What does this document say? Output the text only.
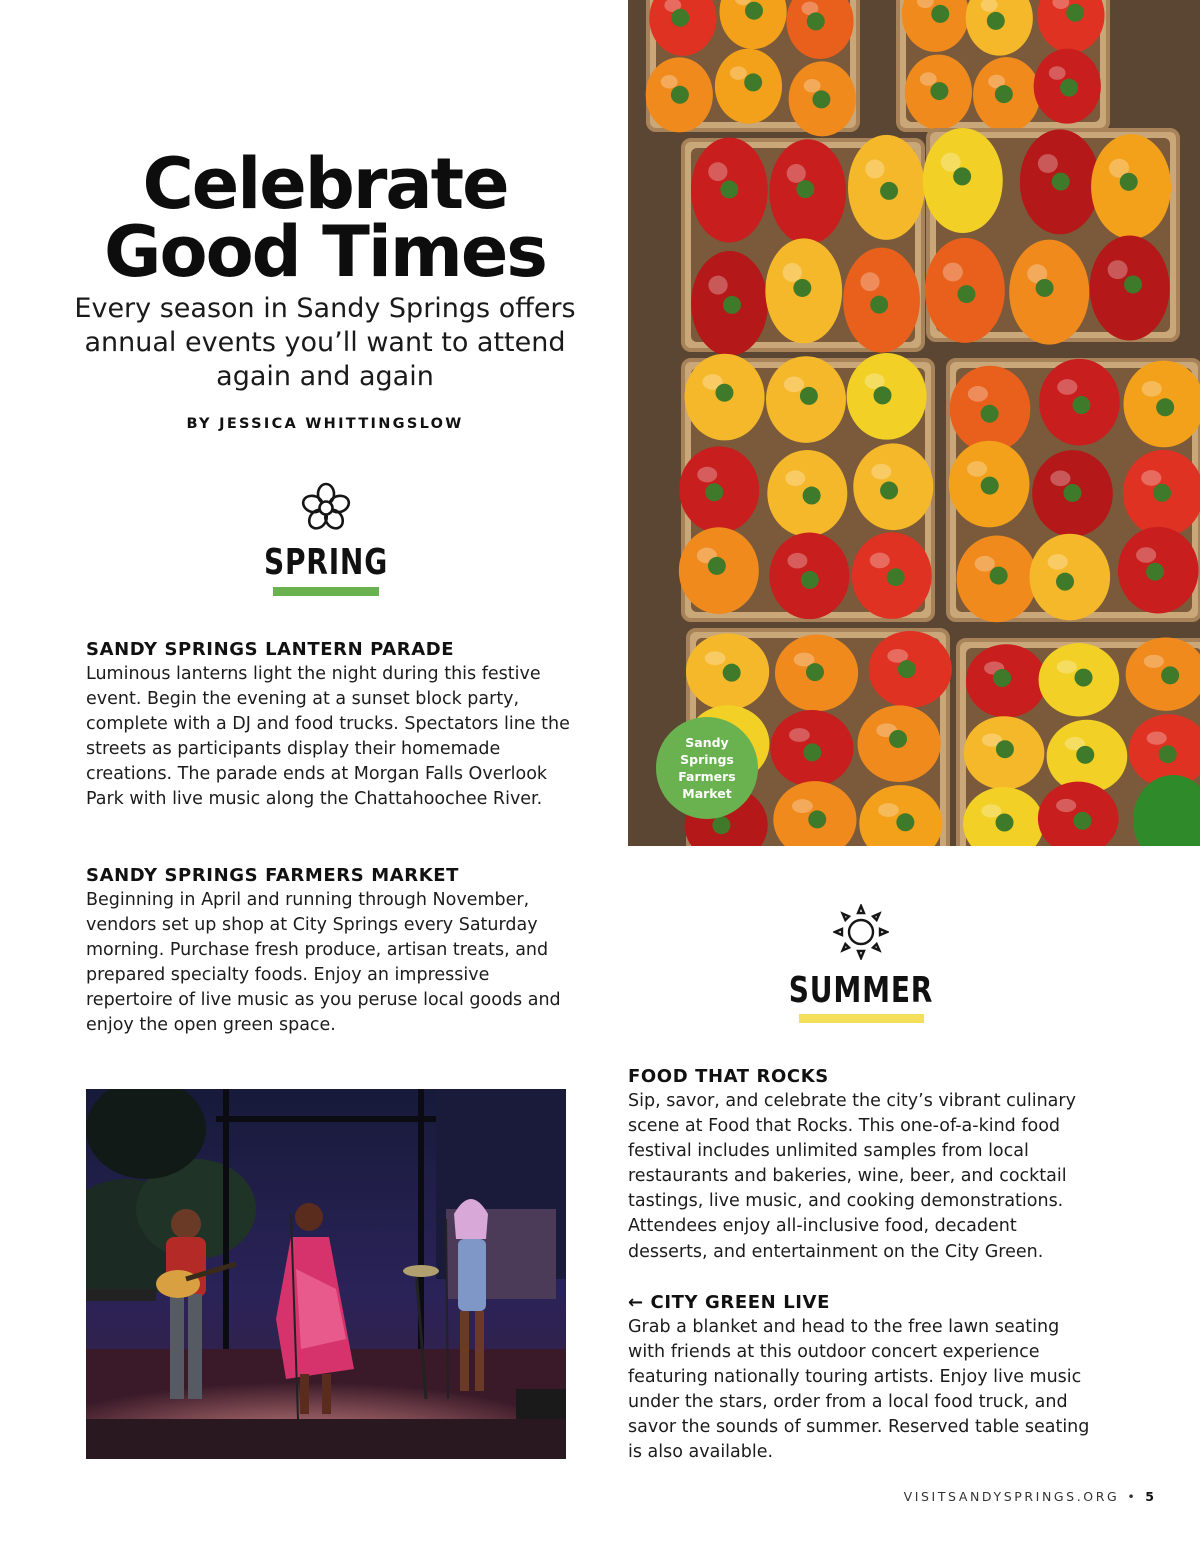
Celebrate
Good Times

Every season in Sandy Springs offers annual events you’ll want to attend again and again

BY JESSICA WHITTINGSLOW
SPRING
SANDY SPRINGS LANTERN PARADE

Luminous lanterns light the night during this festive event. Begin the evening at a sunset block party, complete with a DJ and food trucks. Spectators line the streets as participants display their homemade creations. The parade ends at Morgan Falls Overlook Park with live music along the Chattahoochee River.

SANDY SPRINGS FARMERS MARKET

Beginning in April and running through November, vendors set up shop at City Springs every Saturday morning. Purchase fresh produce, artisan treats, and prepared specialty foods. Enjoy an impressive repertoire of live music as you peruse local goods and enjoy the open green space.

Sandy
Springs
Farmers
Market
SUMMER
FOOD THAT ROCKS

Sip, savor, and celebrate the city’s vibrant culinary scene at Food that Rocks. This one-of-a-kind food festival includes unlimited samples from local restaurants and bakeries, wine, beer, and cocktail tastings, live music, and cooking demonstrations. Attendees enjoy all-inclusive food, decadent desserts, and entertainment on the City Green.

← CITY GREEN LIVE

Grab a blanket and head to the free lawn seating with friends at this outdoor concert experience featuring nationally touring artists. Enjoy live music under the stars, order from a local food truck, and savor the sounds of summer. Reserved table seating is also available.

VISITSANDYSPRINGS.ORG • 5
